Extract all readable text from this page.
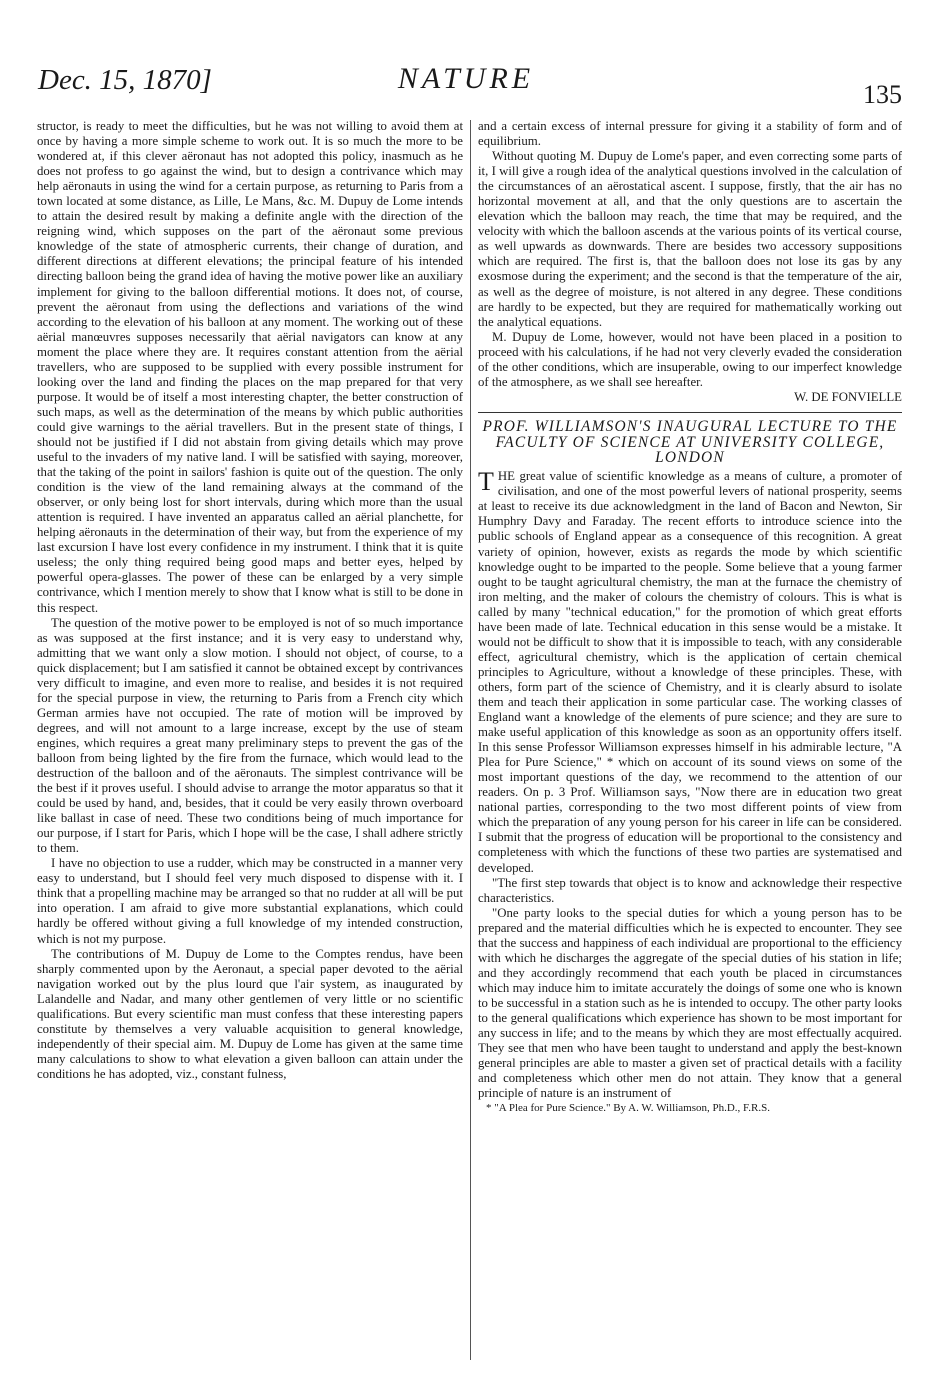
Dec. 15, 1870]	NATURE	135

structor, is ready to meet the difficulties, but he was not willing to avoid them at once by having a more simple scheme to work out. It is so much the more to be wondered at, if this clever aëronaut has not adopted this policy, inasmuch as he does not profess to go against the wind, but to design a contrivance which may help aëronauts in using the wind for a certain purpose, as returning to Paris from a town located at some distance, as Lille, Le Mans, &c. M. Dupuy de Lome intends to attain the desired result by making a definite angle with the direction of the reigning wind, which supposes on the part of the aëronaut some previous knowledge of the state of atmospheric currents, their change of duration, and different directions at different elevations; the principal feature of his intended directing balloon being the grand idea of having the motive power like an auxiliary implement for giving to the balloon differential motions. It does not, of course, prevent the aëronaut from using the deflections and variations of the wind according to the elevation of his balloon at any moment. The working out of these aërial manœuvres supposes necessarily that aërial navigators can know at any moment the place where they are. It requires constant attention from the aërial travellers, who are supposed to be supplied with every possible instrument for looking over the land and finding the places on the map prepared for that very purpose. It would be of itself a most interesting chapter, the better construction of such maps, as well as the determination of the means by which public authorities could give warnings to the aërial travellers. But in the present state of things, I should not be justified if I did not abstain from giving details which may prove useful to the invaders of my native land. I will be satisfied with saying, moreover, that the taking of the point in sailors' fashion is quite out of the question. The only condition is the view of the land remaining always at the command of the observer, or only being lost for short intervals, during which more than the usual attention is required. I have invented an apparatus called an aërial planchette, for helping aëronauts in the determination of their way, but from the experience of my last excursion I have lost every confidence in my instrument. I think that it is quite useless; the only thing required being good maps and better eyes, helped by powerful opera-glasses. The power of these can be enlarged by a very simple contrivance, which I mention merely to show that I know what is still to be done in this respect.

The question of the motive power to be employed is not of so much importance as was supposed at the first instance; and it is very easy to understand why, admitting that we want only a slow motion. I should not object, of course, to a quick displacement; but I am satisfied it cannot be obtained except by contrivances very difficult to imagine, and even more to realise, and besides it is not required for the special purpose in view, the returning to Paris from a French city which German armies have not occupied. The rate of motion will be improved by degrees, and will not amount to a large increase, except by the use of steam engines, which requires a great many preliminary steps to prevent the gas of the balloon from being lighted by the fire from the furnace, which would lead to the destruction of the balloon and of the aëronauts. The simplest contrivance will be the best if it proves useful. I should advise to arrange the motor apparatus so that it could be used by hand, and, besides, that it could be very easily thrown overboard like ballast in case of need. These two conditions being of much importance for our purpose, if I start for Paris, which I hope will be the case, I shall adhere strictly to them.

I have no objection to use a rudder, which may be constructed in a manner very easy to understand, but I should feel very much disposed to dispense with it. I think that a propelling machine may be arranged so that no rudder at all will be put into operation. I am afraid to give more substantial explanations, which could hardly be offered without giving a full knowledge of my intended construction, which is not my purpose.

The contributions of M. Dupuy de Lome to the Comptes rendus, have been sharply commented upon by the Aeronaut, a special paper devoted to the aërial navigation worked out by the plus lourd que l'air system, as inaugurated by Lalandelle and Nadar, and many other gentlemen of very little or no scientific qualifications. But every scientific man must confess that these interesting papers constitute by themselves a very valuable acquisition to general knowledge, independently of their special aim. M. Dupuy de Lome has given at the same time many calculations to show to what elevation a given balloon can attain under the conditions he has adopted, viz., constant fulness,

and a certain excess of internal pressure for giving it a stability of form and of equilibrium.

Without quoting M. Dupuy de Lome's paper, and even correcting some parts of it, I will give a rough idea of the analytical questions involved in the calculation of the circumstances of an aërostatical ascent. I suppose, firstly, that the air has no horizontal movement at all, and that the only questions are to ascertain the elevation which the balloon may reach, the time that may be required, and the velocity with which the balloon ascends at the various points of its vertical course, as well upwards as downwards. There are besides two accessory suppositions which are required. The first is, that the balloon does not lose its gas by any exosmose during the experiment; and the second is that the temperature of the air, as well as the degree of moisture, is not altered in any degree. These conditions are hardly to be expected, but they are required for mathematically working out the analytical equations.

M. Dupuy de Lome, however, would not have been placed in a position to proceed with his calculations, if he had not very cleverly evaded the consideration of the other conditions, which are insuperable, owing to our imperfect knowledge of the atmosphere, as we shall see hereafter.

W. DE FONVIELLE

PROF. WILLIAMSON'S INAUGURAL LECTURE TO THE FACULTY OF SCIENCE AT UNIVERSITY COLLEGE, LONDON

THE great value of scientific knowledge as a means of culture, a promoter of civilisation, and one of the most powerful levers of national prosperity, seems at least to receive its due acknowledgment in the land of Bacon and Newton, Sir Humphry Davy and Faraday. The recent efforts to introduce science into the public schools of England appear as a consequence of this recognition. A great variety of opinion, however, exists as regards the mode by which scientific knowledge ought to be imparted to the people. Some believe that a young farmer ought to be taught agricultural chemistry, the man at the furnace the chemistry of iron melting, and the maker of colours the chemistry of colours. This is what is called by many "technical education," for the promotion of which great efforts have been made of late. Technical education in this sense would be a mistake. It would not be difficult to show that it is impossible to teach, with any considerable effect, agricultural chemistry, which is the application of certain chemical principles to Agriculture, without a knowledge of these principles. These, with others, form part of the science of Chemistry, and it is clearly absurd to isolate them and teach their application in some particular case. The working classes of England want a knowledge of the elements of pure science; and they are sure to make useful application of this knowledge as soon as an opportunity offers itself. In this sense Professor Williamson expresses himself in his admirable lecture, "A Plea for Pure Science," * which on account of its sound views on some of the most important questions of the day, we recommend to the attention of our readers. On p. 3 Prof. Williamson says, "Now there are in education two great national parties, corresponding to the two most different points of view from which the preparation of any young person for his career in life can be considered. I submit that the progress of education will be proportional to the consistency and completeness with which the functions of these two parties are systematised and developed.

"The first step towards that object is to know and acknowledge their respective characteristics.

"One party looks to the special duties for which a young person has to be prepared and the material difficulties which he is expected to encounter. They see that the success and happiness of each individual are proportional to the efficiency with which he discharges the aggregate of the special duties of his station in life; and they accordingly recommend that each youth be placed in circumstances which may induce him to imitate accurately the doings of some one who is known to be successful in a station such as he is intended to occupy. The other party looks to the general qualifications which experience has shown to be most important for any success in life; and to the means by which they are most effectually acquired. They see that men who have been taught to understand and apply the best-known general principles are able to master a given set of practical details with a facility and completeness which other men do not attain. They know that a general principle of nature is an instrument of

* "A Plea for Pure Science." By A. W. Williamson, Ph.D., F.R.S.
